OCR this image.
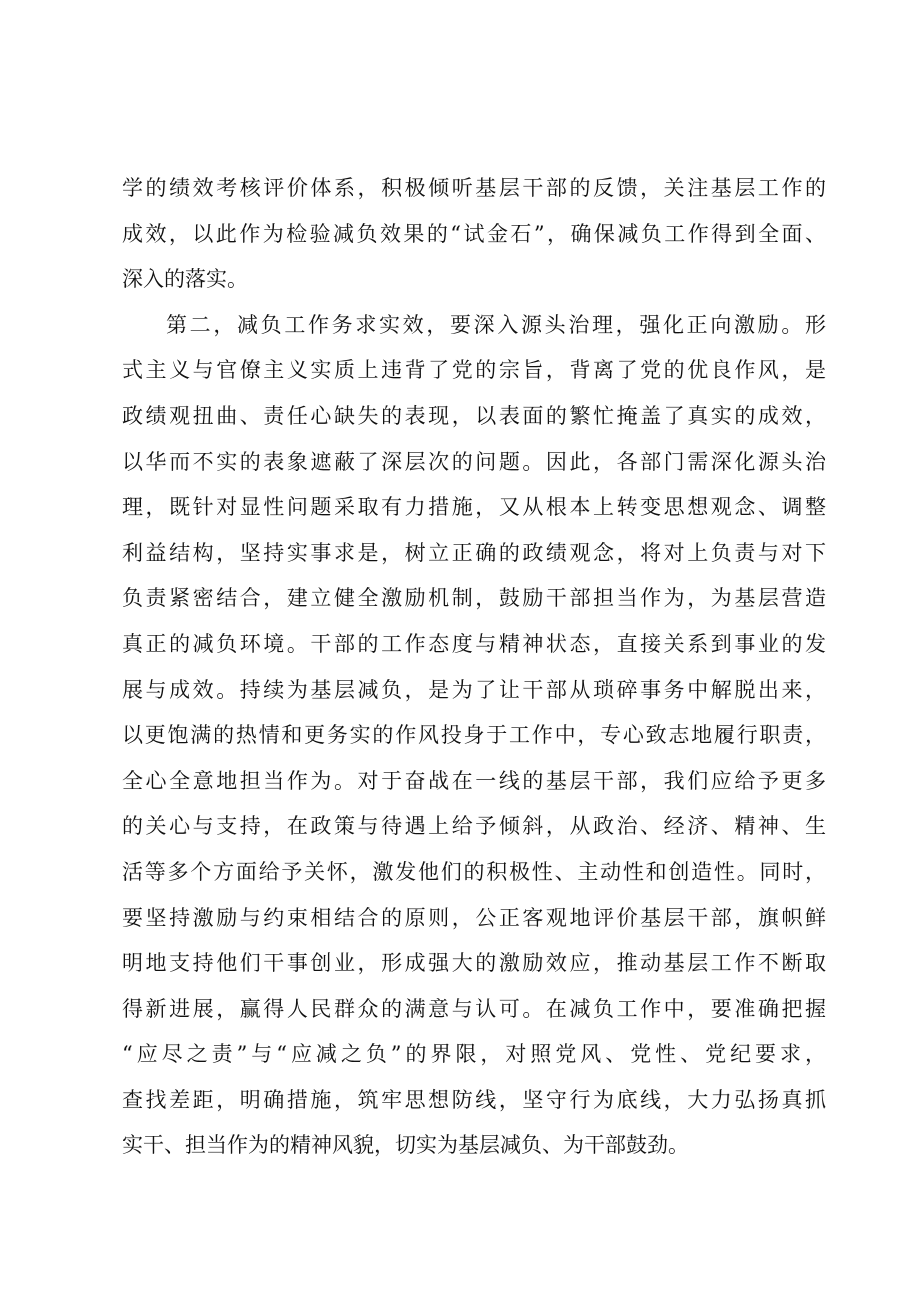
学的绩效考核评价体系，积极倾听基层干部的反馈，关注基层工作的
成效，以此作为检验减负效果的“试金石”，确保减负工作得到全面、
深入的落实。
第二，减负工作务求实效，要深入源头治理，强化正向激励。形
式主义与官僚主义实质上违背了党的宗旨，背离了党的优良作风，是
政绩观扭曲、责任心缺失的表现，以表面的繁忙掩盖了真实的成效，
以华而不实的表象遮蔽了深层次的问题。因此，各部门需深化源头治
理，既针对显性问题采取有力措施，又从根本上转变思想观念、调整
利益结构，坚持实事求是，树立正确的政绩观念，将对上负责与对下
负责紧密结合，建立健全激励机制，鼓励干部担当作为，为基层营造
真正的减负环境。干部的工作态度与精神状态，直接关系到事业的发
展与成效。持续为基层减负，是为了让干部从琐碎事务中解脱出来，
以更饱满的热情和更务实的作风投身于工作中，专心致志地履行职责，
全心全意地担当作为。对于奋战在一线的基层干部，我们应给予更多
的关心与支持，在政策与待遇上给予倾斜，从政治、经济、精神、生
活等多个方面给予关怀，激发他们的积极性、主动性和创造性。同时，
要坚持激励与约束相结合的原则，公正客观地评价基层干部，旗帜鲜
明地支持他们干事创业，形成强大的激励效应，推动基层工作不断取
得新进展，赢得人民群众的满意与认可。在减负工作中，要准确把握
“应尽之责”与“应减之负”的界限，对照党风、党性、党纪要求，
查找差距，明确措施，筑牢思想防线，坚守行为底线，大力弘扬真抓
实干、担当作为的精神风貌，切实为基层减负、为干部鼓劲。
